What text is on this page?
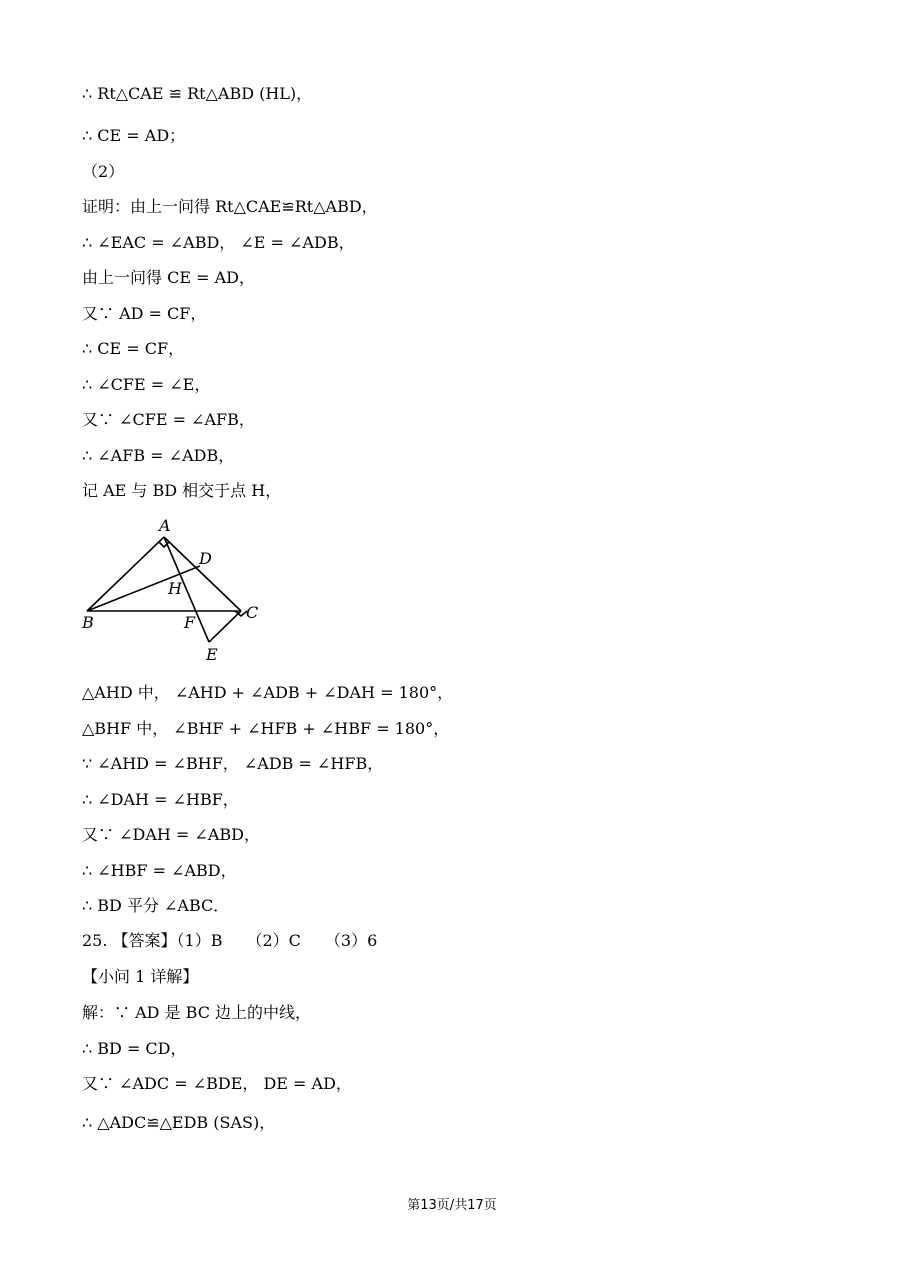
∴ Rt△CAE ≌ Rt△ABD (HL)，
∴ CE = AD；
（2）
证明：由上一问得 Rt△CAE≌Rt△ABD，
∴ ∠EAC = ∠ABD， ∠E = ∠ADB，
由上一问得 CE = AD，
又∵ AD = CF，
∴ CE = CF，
∴ ∠CFE = ∠E，
又∵ ∠CFE = ∠AFB，
∴ ∠AFB = ∠ADB，
记 AE 与 BD 相交于点 H，
A
D
H
B	F
C
E
△AHD 中， ∠AHD + ∠ADB + ∠DAH = 180°，
△BHF 中， ∠BHF + ∠HFB + ∠HBF = 180°，
∵ ∠AHD = ∠BHF， ∠ADB = ∠HFB，
∴ ∠DAH = ∠HBF，
又∵ ∠DAH = ∠ABD，
∴ ∠HBF = ∠ABD，
∴ BD 平分 ∠ABC．
25. 【答案】（1）B　　（2）C　　（3）6
【小问 1 详解】
解：∵ AD 是 BC 边上的中线，
∴ BD = CD，
又∵ ∠ADC = ∠BDE， DE = AD，
∴ △ADC≌△EDB (SAS)，
第13页/共17页
